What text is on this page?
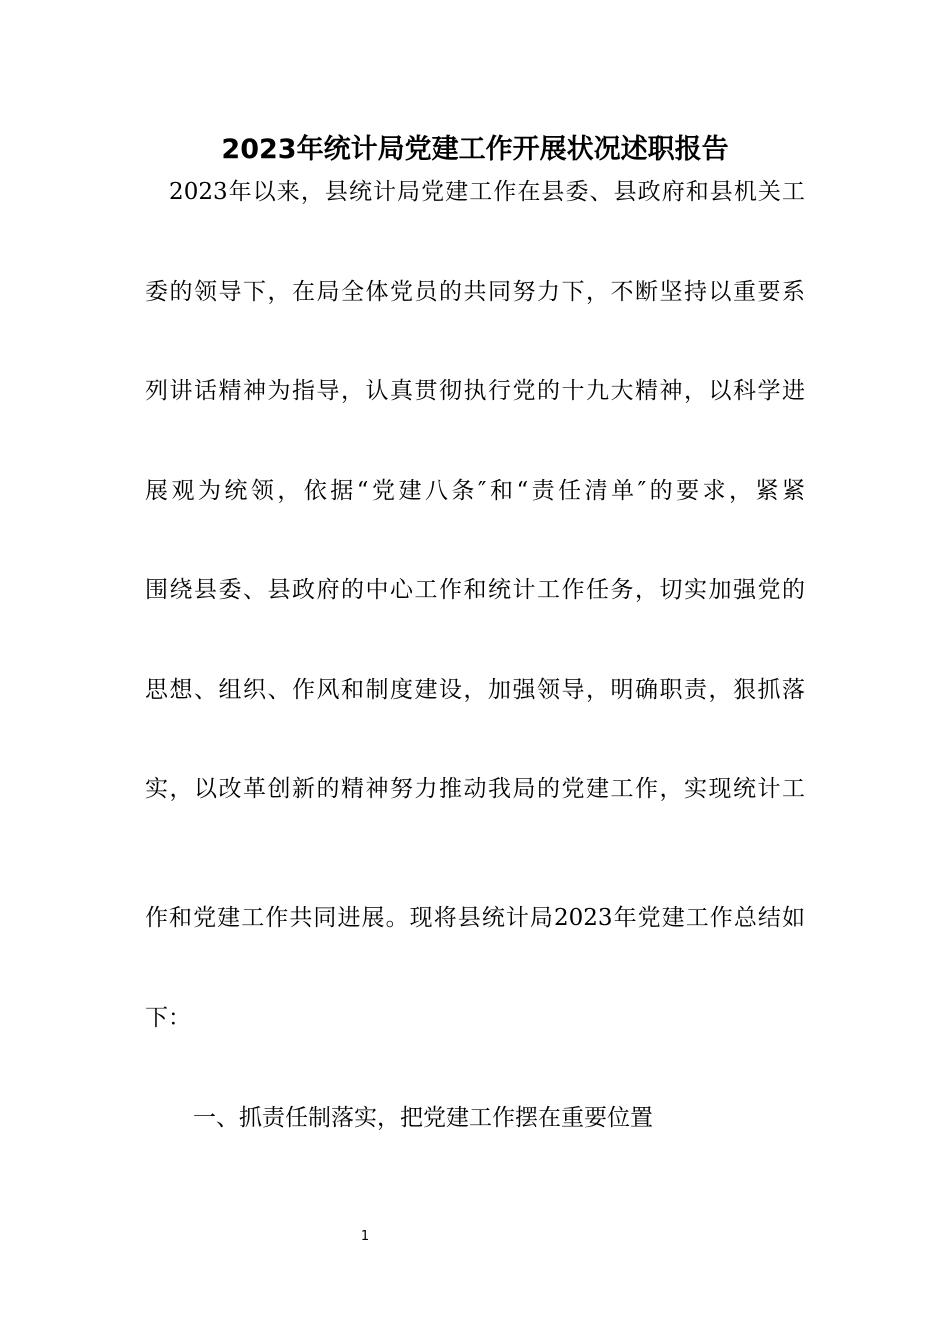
2023年统计局党建工作开展状况述职报告
　2023年以来，县统计局党建工作在县委、县政府和县机关工
委的领导下，在局全体党员的共同努力下，不断坚持以重要系
列讲话精神为指导，认真贯彻执行党的十九大精神，以科学进
展观为统领，依据“党建八条″和“责任清单″的要求，紧紧
围绕县委、县政府的中心工作和统计工作任务，切实加强党的
思想、组织、作风和制度建设，加强领导，明确职责，狠抓落
实，以改革创新的精神努力推动我局的党建工作，实现统计工
作和党建工作共同进展。现将县统计局2023年党建工作总结如
下：
一、抓责任制落实，把党建工作摆在重要位置
1
